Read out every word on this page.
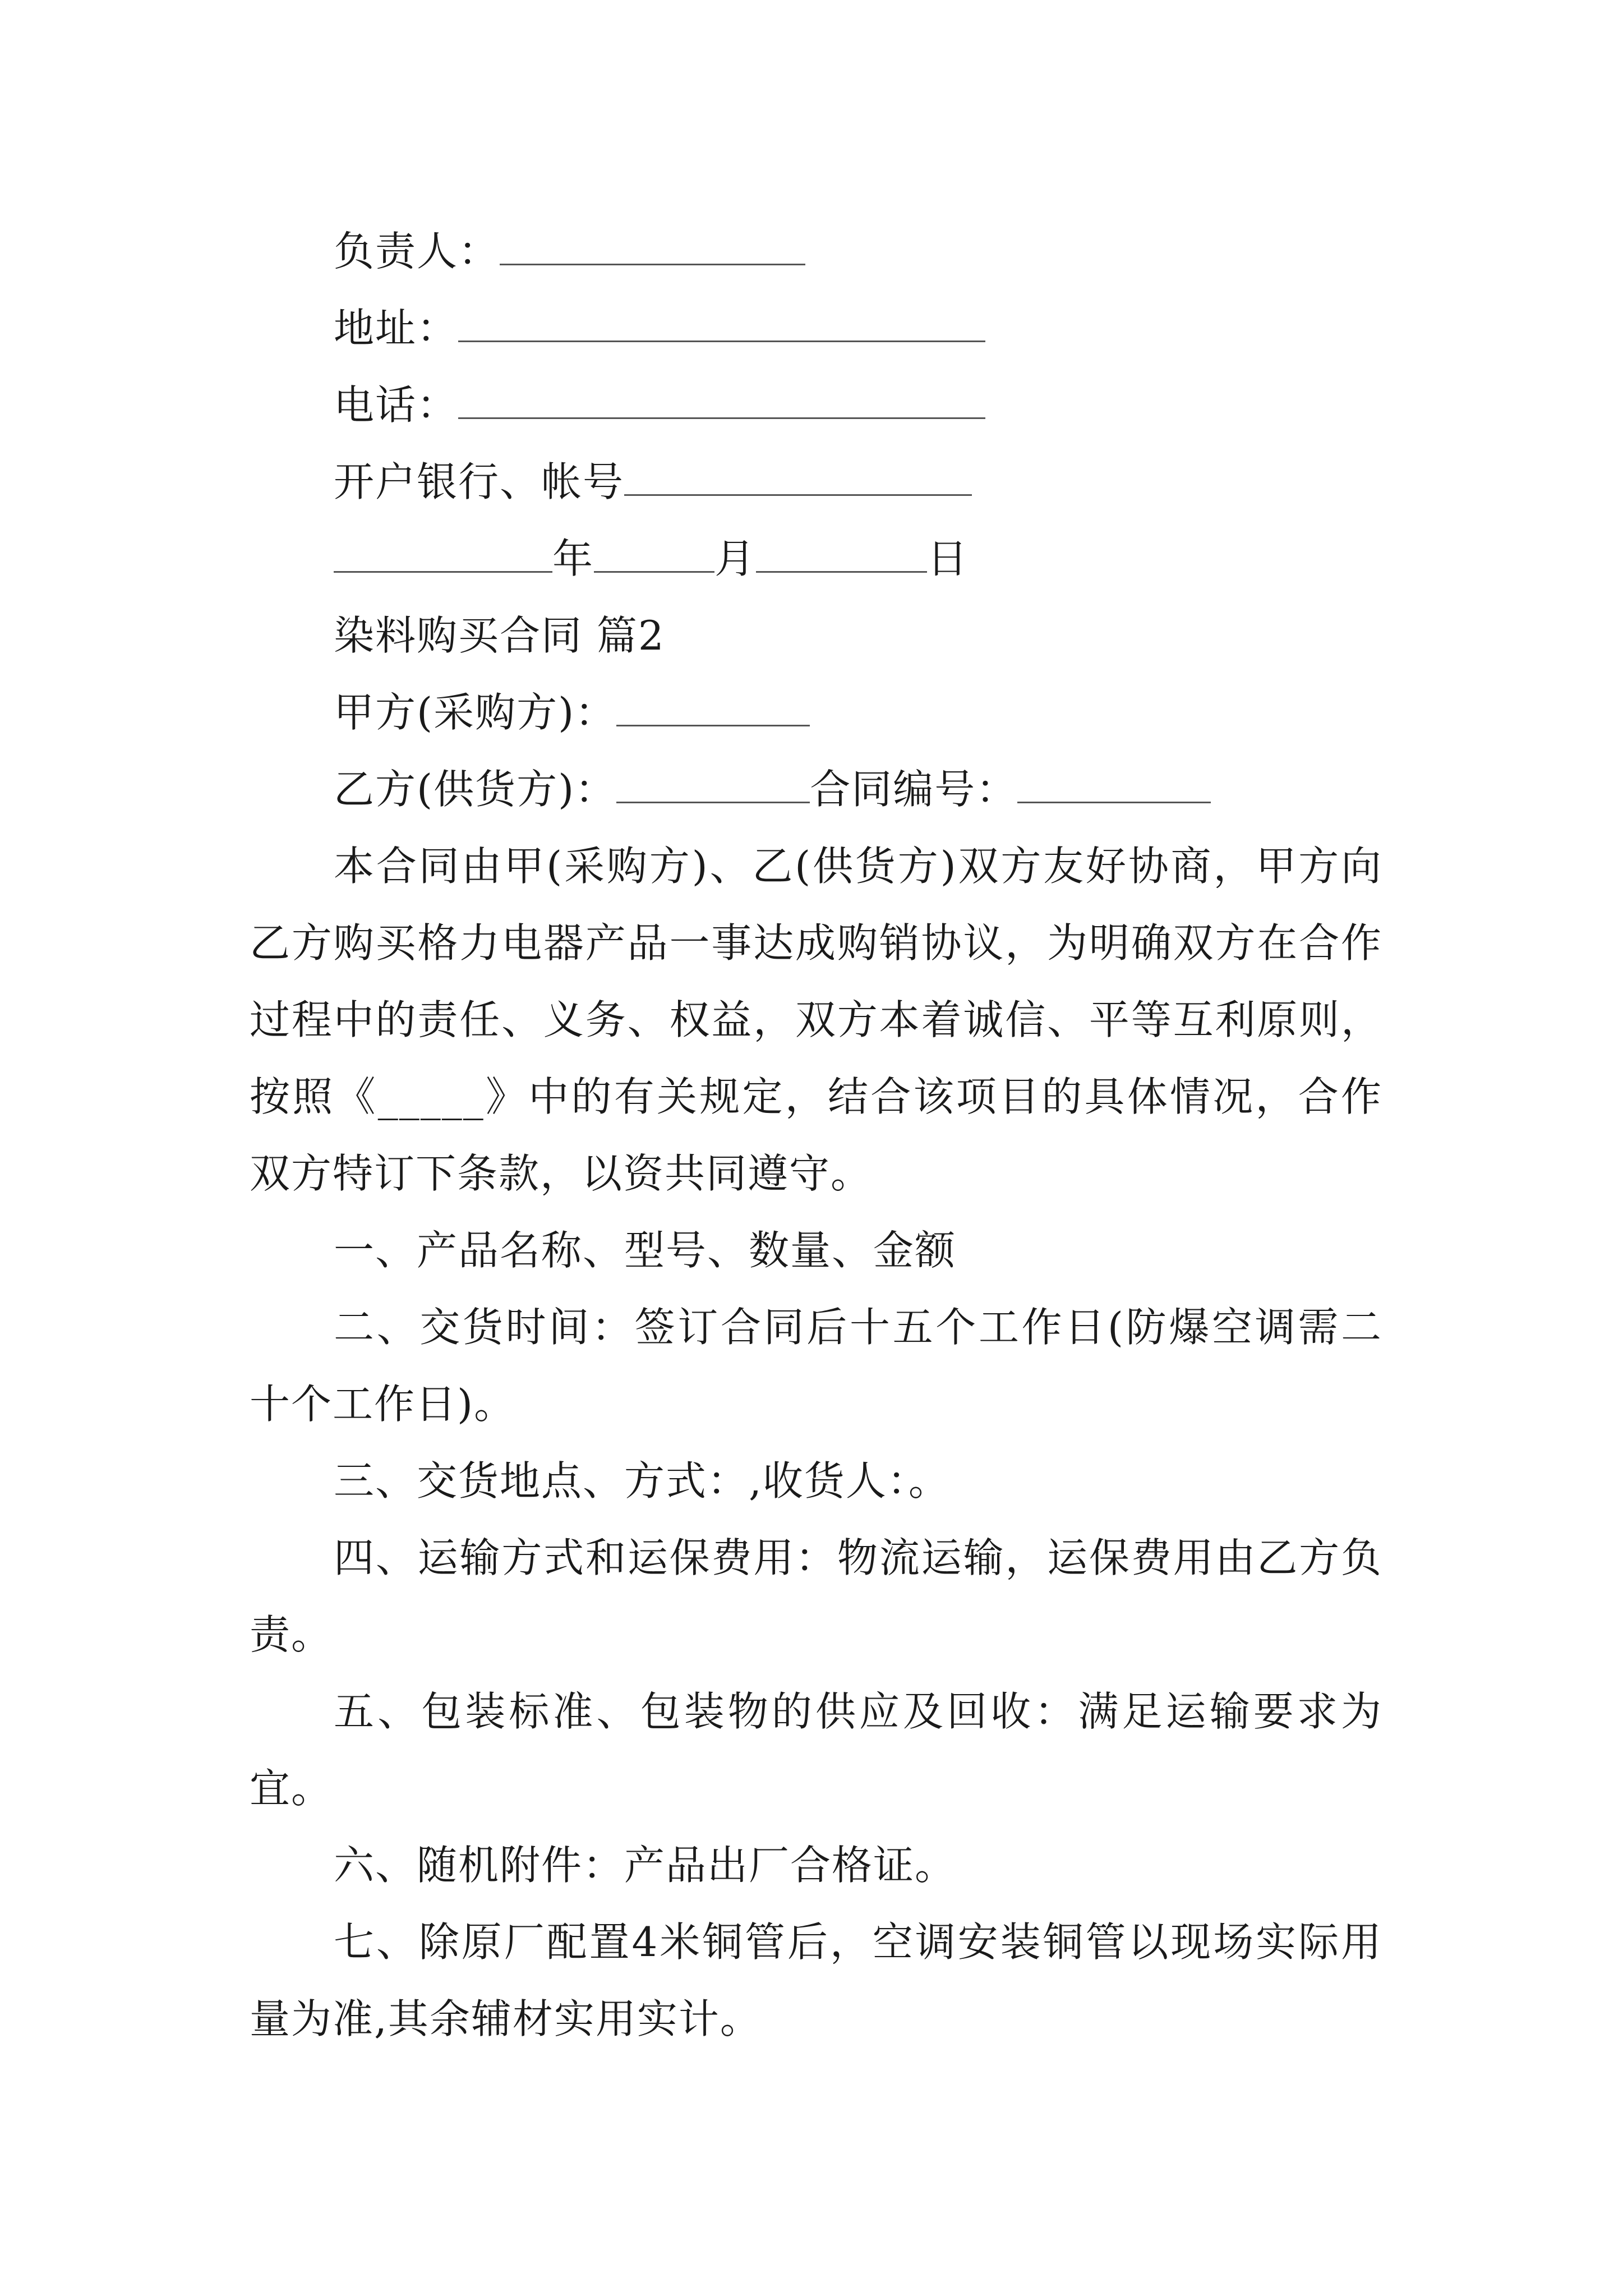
负责人：
地址：
电话：
开户银行、帐号
年	月	日
染料购买合同 篇2
甲方(采购方)：
乙方(供货方)：	合同编号：
本合同由甲(采购方)、乙(供货方)双方友好协商，甲方向乙方购买格力电器产品一事达成购销协议，为明确双方在合作过程中的责任、义务、权益，双方本着诚信、平等互利原则，按照《_____》中的有关规定，结合该项目的具体情况，合作双方特订下条款，以资共同遵守。
一、产品名称、型号、数量、金额
二、交货时间：签订合同后十五个工作日(防爆空调需二十个工作日)。
三、交货地点、方式：,收货人：。
四、运输方式和运保费用：物流运输，运保费用由乙方负责。
五、包装标准、包装物的供应及回收：满足运输要求为宜。
六、随机附件：产品出厂合格证。
七、除原厂配置4米铜管后，空调安装铜管以现场实际用量为准,其余辅材实用实计。
